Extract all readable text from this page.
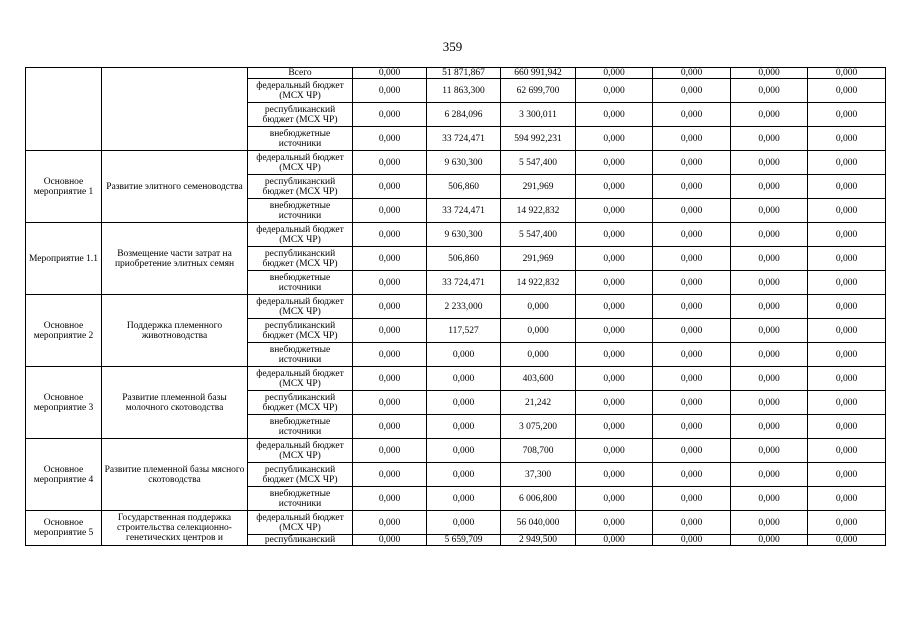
359
		Всего	0,000	51 871,867	660 991,942	0,000	0,000	0,000	0,000
		федеральный бюджет (МСХ ЧР)	0,000	11 863,300	62 699,700	0,000	0,000	0,000	0,000
		республиканский бюджет (МСХ ЧР)	0,000	6 284,096	3 300,011	0,000	0,000	0,000	0,000
		внебюджетные источники	0,000	33 724,471	594 992,231	0,000	0,000	0,000	0,000
Основное мероприятие 1	Развитие элитного семеноводства	федеральный бюджет (МСХ ЧР)	0,000	9 630,300	5 547,400	0,000	0,000	0,000	0,000
		республиканский бюджет (МСХ ЧР)	0,000	506,860	291,969	0,000	0,000	0,000	0,000
		внебюджетные источники	0,000	33 724,471	14 922,832	0,000	0,000	0,000	0,000
Мероприятие 1.1	Возмещение части затрат на приобретение элитных семян	федеральный бюджет (МСХ ЧР)	0,000	9 630,300	5 547,400	0,000	0,000	0,000	0,000
		республиканский бюджет (МСХ ЧР)	0,000	506,860	291,969	0,000	0,000	0,000	0,000
		внебюджетные источники	0,000	33 724,471	14 922,832	0,000	0,000	0,000	0,000
Основное мероприятие 2	Поддержка племенного животноводства	федеральный бюджет (МСХ ЧР)	0,000	2 233,000	0,000	0,000	0,000	0,000	0,000
		республиканский бюджет (МСХ ЧР)	0,000	117,527	0,000	0,000	0,000	0,000	0,000
		внебюджетные источники	0,000	0,000	0,000	0,000	0,000	0,000	0,000
Основное мероприятие 3	Развитие племенной базы молочного скотоводства	федеральный бюджет (МСХ ЧР)	0,000	0,000	403,600	0,000	0,000	0,000	0,000
		республиканский бюджет (МСХ ЧР)	0,000	0,000	21,242	0,000	0,000	0,000	0,000
		внебюджетные источники	0,000	0,000	3 075,200	0,000	0,000	0,000	0,000
Основное мероприятие 4	Развитие племенной базы мясного скотоводства	федеральный бюджет (МСХ ЧР)	0,000	0,000	708,700	0,000	0,000	0,000	0,000
		республиканский бюджет (МСХ ЧР)	0,000	0,000	37,300	0,000	0,000	0,000	0,000
		внебюджетные источники	0,000	0,000	6 006,800	0,000	0,000	0,000	0,000
Основное мероприятие 5	Государственная поддержка строительства селекционно-генетических центров и	федеральный бюджет (МСХ ЧР)	0,000	0,000	56 040,000	0,000	0,000	0,000	0,000
		республиканский	0,000	5 659,709	2 949,500	0,000	0,000	0,000	0,000
